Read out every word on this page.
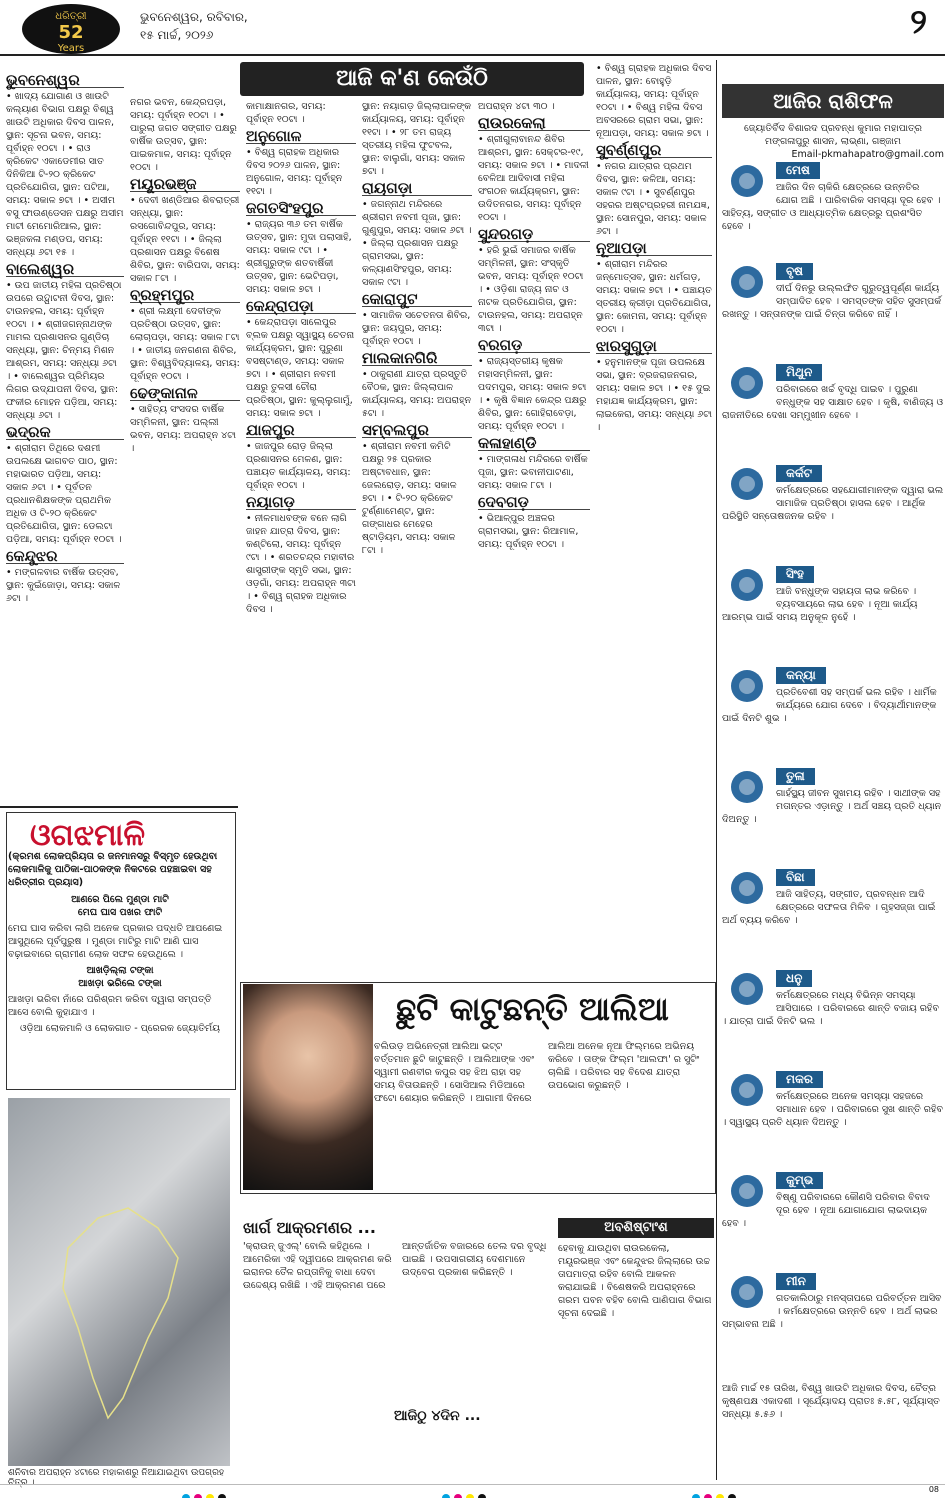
ଧରିତ୍ରୀ
52
Years
ଭୁବନେଶ୍ୱର, ରବିବାର,
୧୫ ମାର୍ଚ୍ଚ, ୨୦୨୬	୨
ଆଜି କ'ଣ କେଉଁଠି
ଭୁବନେଶ୍ୱର

• ଖାଦ୍ୟ ଯୋଗାଣ ଓ ଖାଉଟି କଲ୍ୟାଣ ବିଭାଗ ପକ୍ଷରୁ ବିଶ୍ୱ ଖାଉଟି ଅଧିକାର ଦିବସ ପାଳନ, ସ୍ଥାନ: ସୂଚନା ଭବନ, ସମୟ: ପୂର୍ବାହ୍ନ ୧୦ଟା । • ରାଓ କ୍ରିକେଟ ଏକାଡେମୀର ସାତ ଦିନିକିଆ ଟି-୨୦ କ୍ରିକେଟ ପ୍ରତିଯୋଗିତା, ସ୍ଥାନ: ପଟିଆ, ସମୟ: ସକାଳ ୭ଟା । • ଅସୀମ ବସୁ ଫାଉଣ୍ଡେସନ ପକ୍ଷରୁ ଅସୀମ ମାଟୀ ମେମୋରିଆଲ, ସ୍ଥାନ: ଭଞ୍ଜକଳା ମଣ୍ଡପ, ସମୟ: ସନ୍ଧ୍ୟା ୬ଟା ୧୫ ।

ବାଲେଶ୍ୱର

• ଉପ ଜାତୀୟ ମହିଳା ପ୍ରତିଷ୍ଠା ଉପରେ ଉଦ୍ଘାଟନୀ ଦିବସ, ସ୍ଥାନ: ଟାଉନହଲ, ସମୟ: ପୂର୍ବାହ୍ନ ୧୦ଟା । • ଶ୍ରୀଜଗନ୍ନାଥଙ୍କ ମାମଲ ପ୍ରଶାସନର ଗୁଣ୍ଡିଚା ସନ୍ଧ୍ୟା, ସ୍ଥାନ: ଚିନ୍ମୟ ମିଶନ ଆଶ୍ରମ, ସମୟ: ସନ୍ଧ୍ୟା ୬ଟା । • ବାଲେଶ୍ୱର ପ୍ରିମିୟର ଲିଗର ଉଦ୍ଯାପନୀ ଦିବସ, ସ୍ଥାନ: ଫକୀର ମୋହନ ପଡ଼ିଆ, ସମୟ: ସନ୍ଧ୍ୟା ୬ଟା ।

ଭଦ୍ରକ

• ଶ୍ରୀରାମ ତିଥିରେ ଦଶମୀ ଉପଲକ୍ଷେ ଭାଗବତ ପାଠ, ସ୍ଥାନ: ମହାଭାରତ ପଡ଼ିଆ, ସମୟ: ସକାଳ ୬ଟା । • ପୂର୍ବତନ ପ୍ରଧାନଶିକ୍ଷକଙ୍କ ପ୍ରାଥମିକ ଅଧିକ ଓ ଟି-୨୦ କ୍ରିକେଟ ପ୍ରତିଯୋଗିତା, ସ୍ଥାନ: ଡେଲଟା ପଡ଼ିଆ, ସମୟ: ପୂର୍ବାହ୍ନ ୧୦ଟା ।

କେନ୍ଦୁଝର

• ମଙ୍ଗଳବାର ବାର୍ଷିକ ଉତ୍ସବ, ସ୍ଥାନ: କୁଇଁଜୋଡ଼ା, ସମୟ: ସକାଳ ୬ଟା ।

ନଗର ଭବନ, କେନ୍ଦ୍ରପଡ଼ା, ସମୟ: ପୂର୍ବାହ୍ନ ୧୦ଟା । • ପାରୁଲା ଜଗତ ସଙ୍ଗୀତ ପକ୍ଷରୁ ବାର୍ଷିକ ଉତ୍ସବ, ସ୍ଥାନ: ପାଇକମାଳ, ସମୟ: ପୂର୍ବାହ୍ନ ୧୦ଟା ।

ମୟୂରଭଞ୍ଜ

• ଦେବୀ ଖଣ୍ଡିଆର ଶିବରାତ୍ରୀ ସନ୍ଧ୍ୟା, ସ୍ଥାନ: ରସଗୋବିନ୍ଦପୁର, ସମୟ: ପୂର୍ବାହ୍ନ ୧୧ଟା । • ଜିଲ୍ଲା ପ୍ରଶାସନ ପକ୍ଷରୁ ବିଶେଷ ଶିବିର, ସ୍ଥାନ: ବାରିପଦା, ସମୟ: ସକାଳ ୮ଟା ।

ବ୍ରହ୍ମପୁର

• ଶ୍ରୀ ଲକ୍ଷ୍ମୀ ଦେବୀଙ୍କ ପ୍ରତିଷ୍ଠା ଉତ୍ସବ, ସ୍ଥାନ: ଲୋଚାପଡ଼ା, ସମୟ: ସକାଳ ୮ଟା । • ଜାତୀୟ ଜନଗଣନା ଶିବିର, ସ୍ଥାନ: ବିଶ୍ୱବିଦ୍ୟାଳୟ, ସମୟ: ପୂର୍ବାହ୍ନ ୧୦ଟା ।

ଢେଙ୍କାନାଳ

• ସାହିତ୍ୟ ସଂସଦର ବାର୍ଷିକ ସମ୍ମିଳନୀ, ସ୍ଥାନ: ପଲ୍ଲୀ ଭବନ, ସମୟ: ଅପରାହ୍ନ ୪ଟା ।

କାମାକ୍ଷାନଗର, ସମୟ: ପୂର୍ବାହ୍ନ ୧୦ଟା ।

ଅନୁଗୋଳ

• ବିଶ୍ୱ ଗ୍ରାହକ ଅଧିକାର ଦିବସ ୨୦୨୬ ପାଳନ, ସ୍ଥାନ: ଅନୁଗୋଳ, ସମୟ: ପୂର୍ବାହ୍ନ ୧୧ଟା ।

ଜଗତସିଂହପୁର

• ରାଜ୍ୟର ୩୬ ତମ ବାର୍ଷିକ ଉତ୍ସବ, ସ୍ଥାନ: ମୁଦା ପଲାସାହି, ସମୟ: ସକାଳ ୯ଟା । • ଶ୍ରୀଗୁରୁଙ୍କ ଶତବାର୍ଷିକୀ ଉତ୍ସବ, ସ୍ଥାନ: ଭେଟିପଡ଼ା, ସମୟ: ସକାଳ ୭ଟା ।

କେନ୍ଦ୍ରାପଡ଼ା

• କେନ୍ଦ୍ରାପଡ଼ା ସାଲେପୁର ବ୍ଲକ ପକ୍ଷରୁ ସ୍ୱାସ୍ଥ୍ୟ ଚେତନା କାର୍ଯ୍ୟକ୍ରମ, ସ୍ଥାନ: ପୁରୁଣା ବସଷ୍ଟାଣ୍ଡ, ସମୟ: ସକାଳ ୭ଟା । • ଶ୍ରୀରାମ ନବମୀ ପକ୍ଷରୁ ତୁଳସୀ ଚୌରା ପ୍ରତିଷ୍ଠା, ସ୍ଥାନ: କୁଲ୍ଲୁଗାମୁଁ, ସମୟ: ସକାଳ ୭ଟା ।

ଯାଜପୁର

• ଜାଜପୁର ରୋଡ଼ ଜିଲ୍ଲା ପ୍ରଶାସନର ମେଳଣ, ସ୍ଥାନ: ପଞ୍ଚାୟତ କାର୍ଯ୍ୟାଳୟ, ସମୟ: ପୂର୍ବାହ୍ନ ୧୦ଟା ।

ନୟାଗଡ଼

• ନୀଳମାଧବଙ୍କ ବନେ ଲାଗି ଜାହନ ଯାତ୍ରା ଦିବସ, ସ୍ଥାନ: କଣ୍ଟିଲୋ, ସମୟ: ପୂର୍ବାହ୍ନ ୯ଟା । • ଶରତଚନ୍ଦ୍ର ମହାବୀର ଶାସ୍ତ୍ରୀଙ୍କ ସ୍ମୃତି ସଭା, ସ୍ଥାନ: ଓଡ଼ଗାଁ, ସମୟ: ଅପରାହ୍ନ ୩ଟା । • ବିଶ୍ୱ ଗ୍ରାହକ ଅଧିକାର ଦିବସ ।

ସ୍ଥାନ: ନୟାଗଡ଼ ଜିଲ୍ଲାପାଳଙ୍କ କାର୍ଯ୍ୟାଳୟ, ସମୟ: ପୂର୍ବାହ୍ନ ୧୧ଟା । • ୨୮ ତମ ରାଜ୍ୟ ସ୍ତରୀୟ ମହିଳା ଫୁଟବଲ, ସ୍ଥାନ: ବାଲୁଗାଁ, ସମୟ: ସକାଳ ୭ଟା ।

ରାୟଗଡ଼ା

• ଜଗନ୍ନାଥ ମନ୍ଦିରରେ ଶ୍ରୀରାମ ନବମୀ ପୂଜା, ସ୍ଥାନ: ଗୁଣୁପୁର, ସମୟ: ସକାଳ ୬ଟା । • ଜିଲ୍ଲା ପ୍ରଶାସନ ପକ୍ଷରୁ ଗ୍ରାମସଭା, ସ୍ଥାନ: କଳ୍ୟାଣସିଂହପୁର, ସମୟ: ସକାଳ ୯ଟା ।

କୋରାପୁଟ

• ସାମାଜିକ ସଚେତନତା ଶିବିର, ସ୍ଥାନ: ଜୟପୁର, ସମୟ: ପୂର୍ବାହ୍ନ ୧୦ଟା ।

ମାଲକାନଗିରି

• ଠାକୁରାଣୀ ଯାତ୍ରା ପ୍ରସ୍ତୁତି ବୈଠକ, ସ୍ଥାନ: ଜିଲ୍ଲାପାଳ କାର୍ଯ୍ୟାଳୟ, ସମୟ: ଅପରାହ୍ନ ୫ଟା ।

ସମ୍ବଲପୁର

• ଶ୍ରୀରାମ ନବମୀ କମିଟି ପକ୍ଷରୁ ୨୫ ପ୍ରକାର ଅଷ୍ଟାବଧାନ, ସ୍ଥାନ: ଜେଲରୋଡ଼, ସମୟ: ସକାଳ ୭ଟା । • ଟି-୨୦ କ୍ରିକେଟ ଟୁର୍ଣ୍ଣାମେଣ୍ଟ, ସ୍ଥାନ: ଗଙ୍ଗାଧର ମେହେର ଷ୍ଟାଡ଼ିୟମ, ସମୟ: ସକାଳ ୮ଟା ।

ଅପରାହ୍ନ ୪ଟା ୩୦ ।

ରାଉରକେଲା

• ଶ୍ରୀଗୁଲାବାନନ୍ଦ ଶିବିର ଆଶ୍ରମ, ସ୍ଥାନ: ସେକ୍ଟର-୧୯, ସମୟ: ସକାଳ ୭ଟା । • ମାଦଳୀ ବେଳିଆ ଆଦିବାସୀ ମହିଳା ସଂଗଠନ କାର୍ଯ୍ୟକ୍ରମ, ସ୍ଥାନ: ଉଦିତନଗର, ସମୟ: ପୂର୍ବାହ୍ନ ୧୦ଟା ।

ସୁନ୍ଦରଗଡ଼

• ହରି ଭୁଇଁ ସମାଜର ବାର୍ଷିକ ସମ୍ମିଳନୀ, ସ୍ଥାନ: ସଂସ୍କୃତି ଭବନ, ସମୟ: ପୂର୍ବାହ୍ନ ୧୦ଟା । • ଓଡ଼ିଶା ରାଜ୍ୟ ନାଚ ଓ ନାଟକ ପ୍ରତିଯୋଗିତା, ସ୍ଥାନ: ଟାଉନହଲ, ସମୟ: ଅପରାହ୍ନ ୩ଟା ।

ବରଗଡ଼

• ରାଜ୍ୟସ୍ତରୀୟ କୃଷକ ମହାସମ୍ମିଳନୀ, ସ୍ଥାନ: ପଦମପୁର, ସମୟ: ସକାଳ ୭ଟା । • କୃଷି ବିଜ୍ଞାନ କେନ୍ଦ୍ର ପକ୍ଷରୁ ଶିବିର, ସ୍ଥାନ: ଗୋହିରାବେଡ଼ା, ସମୟ: ପୂର୍ବାହ୍ନ ୧୦ଟା ।

କଳାହାଣ୍ଡି

• ମାଙ୍ଗଳାଧ ମନ୍ଦିରରେ ବାର୍ଷିକ ପୂଜା, ସ୍ଥାନ: ଭବାନୀପାଟଣା, ସମୟ: ସକାଳ ୮ଟା ।

ଦେବଗଡ଼

• ଭିଆଳ୍ପୁର ଅଞ୍ଚଳର ଗ୍ରାମସଭା, ସ୍ଥାନ: ରିଆମାଳ, ସମୟ: ପୂର୍ବାହ୍ନ ୧୦ଟା ।

• ବିଶ୍ୱ ଗ୍ରାହକ ଅଧିକାର ଦିବସ ପାଳନ, ସ୍ଥାନ: ବୋହୁଡ଼ି କାର୍ଯ୍ୟାଳୟ, ସମୟ: ପୂର୍ବାହ୍ନ ୧୦ଟା । • ବିଶ୍ୱ ମହିଳା ଦିବସ ଅବସରରେ ଗ୍ରାମ ସଭା, ସ୍ଥାନ: ନୂଆପଡ଼ା, ସମୟ: ସକାଳ ୭ଟା ।

ସୁବର୍ଣ୍ଣପୁର

• ନଗର ଯାତ୍ରାର ପ୍ରଥମ ଦିବସ, ସ୍ଥାନ: କଳିଆ, ସମୟ: ସକାଳ ୯ଟା । • ସୁବର୍ଣ୍ଣପୁର ସହରର ଅଷ୍ଟପ୍ରହରୀ ନାମଯଜ୍ଞ, ସ୍ଥାନ: ସୋନପୁର, ସମୟ: ସକାଳ ୬ଟା ।

ନୂଆପଡ଼ା

• ଶ୍ରୀରାମ ମନ୍ଦିରର ଜନ୍ମୋତ୍ସବ, ସ୍ଥାନ: ଧର୍ମଗଡ଼, ସମୟ: ସକାଳ ୭ଟା । • ପଞ୍ଚାୟତ ସ୍ତରୀୟ କ୍ରୀଡ଼ା ପ୍ରତିଯୋଗିତା, ସ୍ଥାନ: କୋମନା, ସମୟ: ପୂର୍ବାହ୍ନ ୧୦ଟା ।

ଝାରସୁଗୁଡ଼ା

• ହନୁମାନଙ୍କ ପୂଜା ଉପଲକ୍ଷେ ସଭା, ସ୍ଥାନ: ବ୍ରଜରାଜନଗର, ସମୟ: ସକାଳ ୭ଟା । • ୧୫ ଦୁଇ ମହାଯଜ୍ଞ କାର୍ଯ୍ୟକ୍ରମ, ସ୍ଥାନ: ଲାଇକେରା, ସମୟ: ସନ୍ଧ୍ୟା ୬ଟା ।

ଆଜିର ରାଶିଫଳ
ଜ୍ୟୋତିର୍ବିଦ ବିଶାରଦ ପ୍ରବନ୍ଧ କୁମାର ମହାପାତ୍ର
ମଙ୍ଗଳାପୁରୁ ଶାସନ, ଲାଭ୍ଣା, ଗଞ୍ଜାମ
Email-pkmahapatro@gmail.com
ମେଷ
ଆଜିର ଦିନ ଚାକିରି କ୍ଷେତ୍ରରେ ଉନ୍ନତିର ଯୋଗ ଅଛି । ପାରିବାରିକ ସମସ୍ୟା ଦୂର ହେବ । ସାହିତ୍ୟ, ସଙ୍ଗୀତ ଓ ଆଧ୍ୟାତ୍ମିକ କ୍ଷେତ୍ରରୁ ପ୍ରଶଂସିତ ହେବେ ।
ବୃଷ
ଦୀର୍ଘ ଦିନରୁ ଉଲ୍ଲଙ୍ଘିତ ଗୁରୁତ୍ୱପୂର୍ଣ୍ଣ କାର୍ଯ୍ୟ ସମ୍ପାଦିତ ହେବ । ସମସ୍ତଙ୍କ ସହିତ ସୁସମ୍ପର୍କ ରଖନ୍ତୁ । ସନ୍ତାନଙ୍କ ପାଇଁ ଚିନ୍ତା କରିବେ ନାହିଁ ।
ମିଥୁନ
ପରିବାରରେ ଖର୍ଚ୍ଚ ବୃଦ୍ଧି ପାଇବ । ପୁରୁଣା ବନ୍ଧୁଙ୍କ ସହ ସାକ୍ଷାତ ହେବ । କୃଷି, ବାଣିଜ୍ୟ ଓ ରାଜନୀତିରେ ଦେଖା ସମ୍ମୁଖୀନ ହେବେ ।
କର୍କଟ
କର୍ମକ୍ଷେତ୍ରରେ ସହଯୋଗୀମାନଙ୍କ ଦ୍ୱାରା ଭଲ ସାମାଜିକ ପ୍ରତିଷ୍ଠା ହାସଲ ହେବ । ଆର୍ଥିକ ପରିସ୍ଥିତି ସନ୍ତୋଷଜନକ ରହିବ ।
ସିଂହ
ଆଜି ବନ୍ଧୁଙ୍କ ସହାୟତା ଲାଭ କରିବେ । ବ୍ୟବସାୟରେ ଲାଭ ହେବ । ନୂଆ କାର୍ଯ୍ୟ ଆରମ୍ଭ ପାଇଁ ସମୟ ଅନୁକୂଳ ନୁହେଁ ।
କନ୍ୟା
ପ୍ରତିବେଶୀ ସହ ସମ୍ପର୍କ ଭଲ ରହିବ । ଧାର୍ମିକ କାର୍ଯ୍ୟରେ ଯୋଗ ଦେବେ । ବିଦ୍ୟାର୍ଥୀମାନଙ୍କ ପାଇଁ ଦିନଟି ଶୁଭ ।
ତୁଳା
ଗାର୍ହସ୍ଥ୍ୟ ଜୀବନ ସୁଖମୟ ରହିବ । ସାଥୀଙ୍କ ସହ ମତାନ୍ତର ଏଡ଼ାନ୍ତୁ । ଅର୍ଥ ସଞ୍ଚୟ ପ୍ରତି ଧ୍ୟାନ ଦିଅନ୍ତୁ ।
ବିଛା
ଆଜି ସାହିତ୍ୟ, ସଙ୍ଗୀତ, ପ୍ରବନ୍ଧନ ଆଦି କ୍ଷେତ୍ରରେ ସଫଳତା ମିଳିବ । ଗୃହସଜ୍ଜା ପାଇଁ ଅର୍ଥ ବ୍ୟୟ କରିବେ ।
ଧନୁ
କର୍ମକ୍ଷେତ୍ରରେ ମଧ୍ୟ ବିଭିନ୍ନ ସମସ୍ୟା ଆସିପାରେ । ପରିବାରରେ ଶାନ୍ତି ବଜାୟ ରହିବ । ଯାତ୍ରା ପାଇଁ ଦିନଟି ଭଲ ।
ମକର
କର୍ମକ୍ଷେତ୍ରରେ ଅନେକ ସମସ୍ୟା ସହଜରେ ସମାଧାନ ହେବ । ପରିବାରରେ ସୁଖ ଶାନ୍ତି ରହିବ । ସ୍ୱାସ୍ଥ୍ୟ ପ୍ରତି ଧ୍ୟାନ ଦିଅନ୍ତୁ ।
କୁମ୍ଭ
ବିଷ୍ଣୁ ପରିବାରରେ କୌଣସି ପରିବାର ବିବାଦ ଦୂର ହେବ । ନୂଆ ଯୋଗାଯୋଗ ଲାଭଦାୟକ ହେବ ।
ମୀନ
ଗତକାଲିଠାରୁ ମନସ୍ତାପରେ ପରିବର୍ତ୍ତନ ଆସିବ । କର୍ମକ୍ଷେତ୍ରରେ ଉନ୍ନତି ହେବ । ଅର୍ଥ ଲାଭର ସମ୍ଭାବନା ଅଛି ।
ଆଜି ମାର୍ଚ୍ଚ ୧୫ ତାରିଖ, ବିଶ୍ୱ ଖାଉଟି ଅଧିକାର ଦିବସ, ଚୈତ୍ର କୃଷ୍ଣପକ୍ଷ ଏକାଦଶୀ । ସୂର୍ଯ୍ୟୋଦୟ ପ୍ରାତଃ ୫.୫୮, ସୂର୍ଯ୍ୟାସ୍ତ ସନ୍ଧ୍ୟା ୫.୫୬ ।
ଓଗଝମାଳି

(କ୍ରମଶ ଲୋକପ୍ରିୟତା ର ଜନମାନସରୁ ବିସ୍ମୃତ ହେଉଥିବା ଲୋକମାଳିକୁ ପାଠିକା-ପାଠକଙ୍କ ନିକଟରେ ପହଞ୍ଚାଇବା ସହ ଧରିତ୍ରୀର ପ୍ରୟାସ)

ଆଣରେ ପିଲେ ମୁଣ୍ଡା ମାଟି

ମେଘ ଘାସ ପଖର ଫାଟି

ମେଘ ଘାସ କରିବା ଲାଗି ଅନେକ ପ୍ରକାର ପଦ୍ଧତି ଆପଣେଇ ଆସୁଥିଲେ ପୂର୍ବପୁରୁଷ । ମୁଣ୍ଡା ମାଟିରୁ ମାଟି ଆଣି ଘାସ ବଢ଼ାଇବାରେ ଗ୍ରାମୀଣ ଲୋକ ସଫଳ ହେଉଥିଲେ ।

ଆଖଡ଼ିଲ୍ଲା ଟଙ୍କା

ଆଖଡ଼ା ଭରିଲେ ଟଙ୍କା

ଆଖଡ଼ା ଭରିବା ନାଁରେ ପରିଶ୍ରମ କରିବା ଦ୍ୱାରା ସମ୍ପତ୍ତି ଆସେ ବୋଲି କୁହାଯାଏ ।

ଓଡ଼ିଆ ଲୋକମାଳି ଓ ଲୋକଗାତ - ପ୍ରେରକ ଜ୍ୟୋତିର୍ମୟ

ଶନିବାର ଅପରାହ୍ନ ୪ଟାରେ ମହାକାଶରୁ ନିଆଯାଇଥିବା ଉପଗ୍ରହ ଚିତ୍ର ।
ଛୁଟି କାଟୁଛନ୍ତି ଆଲିଆ
ବଲିଉଡ଼ ଅଭିନେତ୍ରୀ ଆଲିଆ ଭଟ୍ଟ ବର୍ତ୍ତମାନ ଛୁଟି କାଟୁଛନ୍ତି । ଆଲିଆଙ୍କ ଏବଂ ସ୍ୱାମୀ ରଣବୀର କପୁର ସହ ଝିଅ ରାହା ସହ ସମୟ ବିତାଉଛନ୍ତି । ସୋସିଆଲ ମିଡିଆରେ ଫଟୋ ଶେୟାର କରିଛନ୍ତି । ଆଗାମୀ ଦିନରେ ଆଲିଆ ଅନେକ ନୂଆ ଫିଲ୍ମରେ ଅଭିନୟ କରିବେ । ତାଙ୍କ ଫିଲ୍ମ 'ଆଲଫା' ର ସୁଟିଂ ଚାଲିଛି । ପରିବାର ସହ ବିଦେଶ ଯାତ୍ରା ଉପଭୋଗ କରୁଛନ୍ତି ।
ଖାର୍ଗ ଆକ୍ରମଣର ...
'କ୍ରାଉନ୍ ଜୁଏଲ୍' ବୋଲି କହିଥିଲେ । ଆମେରିକା ଏହି ଦ୍ୱୀପରେ ଆକ୍ରମଣ କରି ଇରାନର ତୈଳ ରପ୍ତାନିକୁ ବାଧା ଦେବା ଉଦ୍ଦେଶ୍ୟ ରଖିଛି । ଏହି ଆକ୍ରମଣ ପରେ ଆନ୍ତର୍ଜାତିକ ବଜାରରେ ତେଲ ଦର ବୃଦ୍ଧି ପାଇଛି । ଉପସାଗରୀୟ ଦେଶମାନେ ଉଦ୍ବେଗ ପ୍ରକାଶ କରିଛନ୍ତି ।
ଆଜିଠୁ ୪ଦିନ ...
ଅବଶିଷ୍ଟାଂଶ
ହେବାକୁ ଯାଉଥିବା ରାଉରକେଲା, ମୟୂରଭଞ୍ଜ ଏବଂ କେନ୍ଦୁଝର ଜିଲ୍ଲାରେ ଉଚ୍ଚ ତାପମାତ୍ରା ରହିବ ବୋଲି ଆକଳନ କରାଯାଇଛି । ବିଶେଷକରି ଅପରାହ୍ନରେ ଗରମ ପବନ ବହିବ ବୋଲି ପାଣିପାଗ ବିଭାଗ ସୂଚନା ଦେଇଛି ।
08
